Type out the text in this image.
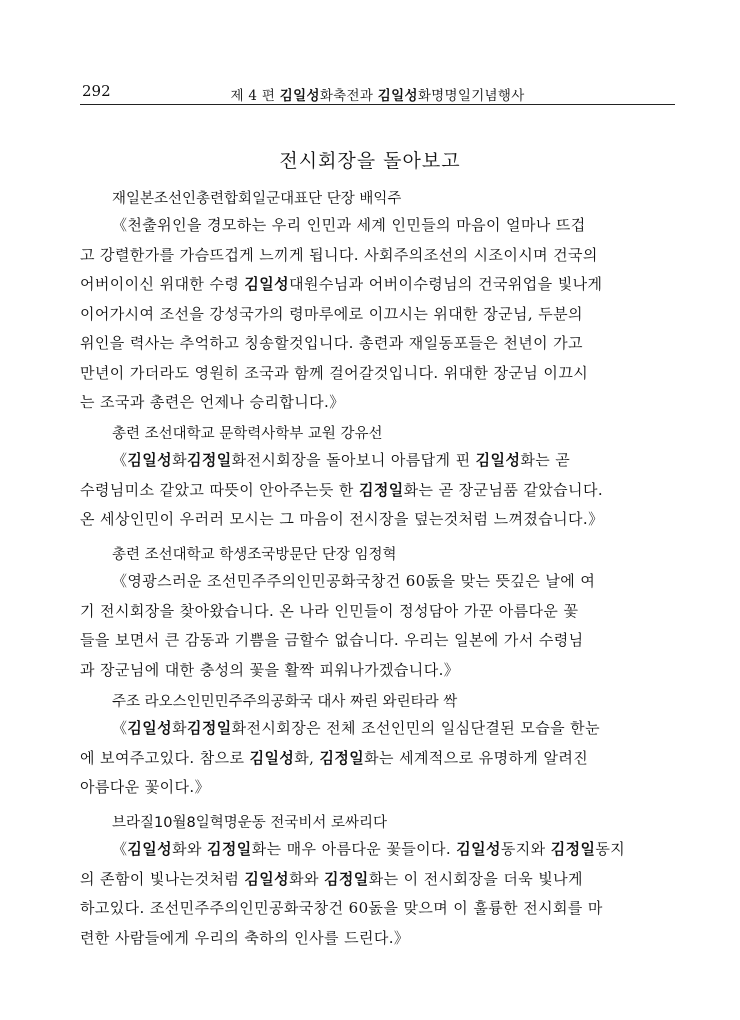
292	제 4 편 김일성화축전과 김일성화명명일기념행사
전시회장을 돌아보고
재일본조선인총련합회일군대표단 단장 배익주
《천출위인을 경모하는 우리 인민과 세계 인민들의 마음이 얼마나 뜨겁
고 강렬한가를 가슴뜨겁게 느끼게 됩니다. 사회주의조선의 시조이시며 건국의
어버이이신 위대한 수령 김일성대원수님과 어버이수령님의 건국위업을 빛나게
이어가시여 조선을 강성국가의 령마루에로 이끄시는 위대한 장군님, 두분의
위인을 력사는 추억하고 칭송할것입니다. 총련과 재일동포들은 천년이 가고
만년이 가더라도 영원히 조국과 함께 걸어갈것입니다. 위대한 장군님 이끄시
는 조국과 총련은 언제나 승리합니다.》
총련 조선대학교 문학력사학부 교원 강유선
《김일성화김정일화전시회장을 돌아보니 아름답게 핀 김일성화는 곧
수령님미소 같았고 따뜻이 안아주는듯 한 김정일화는 곧 장군님품 같았습니다.
온 세상인민이 우러러 모시는 그 마음이 전시장을 덮는것처럼 느껴졌습니다.》
총련 조선대학교 학생조국방문단 단장 임정혁
《영광스러운 조선민주주의인민공화국창건 60돐을 맞는 뜻깊은 날에 여
기 전시회장을 찾아왔습니다. 온 나라 인민들이 정성담아 가꾼 아름다운 꽃
들을 보면서 큰 감동과 기쁨을 금할수 없습니다. 우리는 일본에 가서 수령님
과 장군님에 대한 충성의 꽃을 활짝 피워나가겠습니다.》
주조 라오스인민민주주의공화국 대사 짜린 와린타라 싹
《김일성화김정일화전시회장은 전체 조선인민의 일심단결된 모습을 한눈
에 보여주고있다. 참으로 김일성화, 김정일화는 세계적으로 유명하게 알려진
아름다운 꽃이다.》
브라질10월8일혁명운동 전국비서 로싸리다
《김일성화와 김정일화는 매우 아름다운 꽃들이다. 김일성동지와 김정일동지
의 존함이 빛나는것처럼 김일성화와 김정일화는 이 전시회장을 더욱 빛나게
하고있다. 조선민주주의인민공화국창건 60돐을 맞으며 이 훌륭한 전시회를 마
련한 사람들에게 우리의 축하의 인사를 드린다.》
